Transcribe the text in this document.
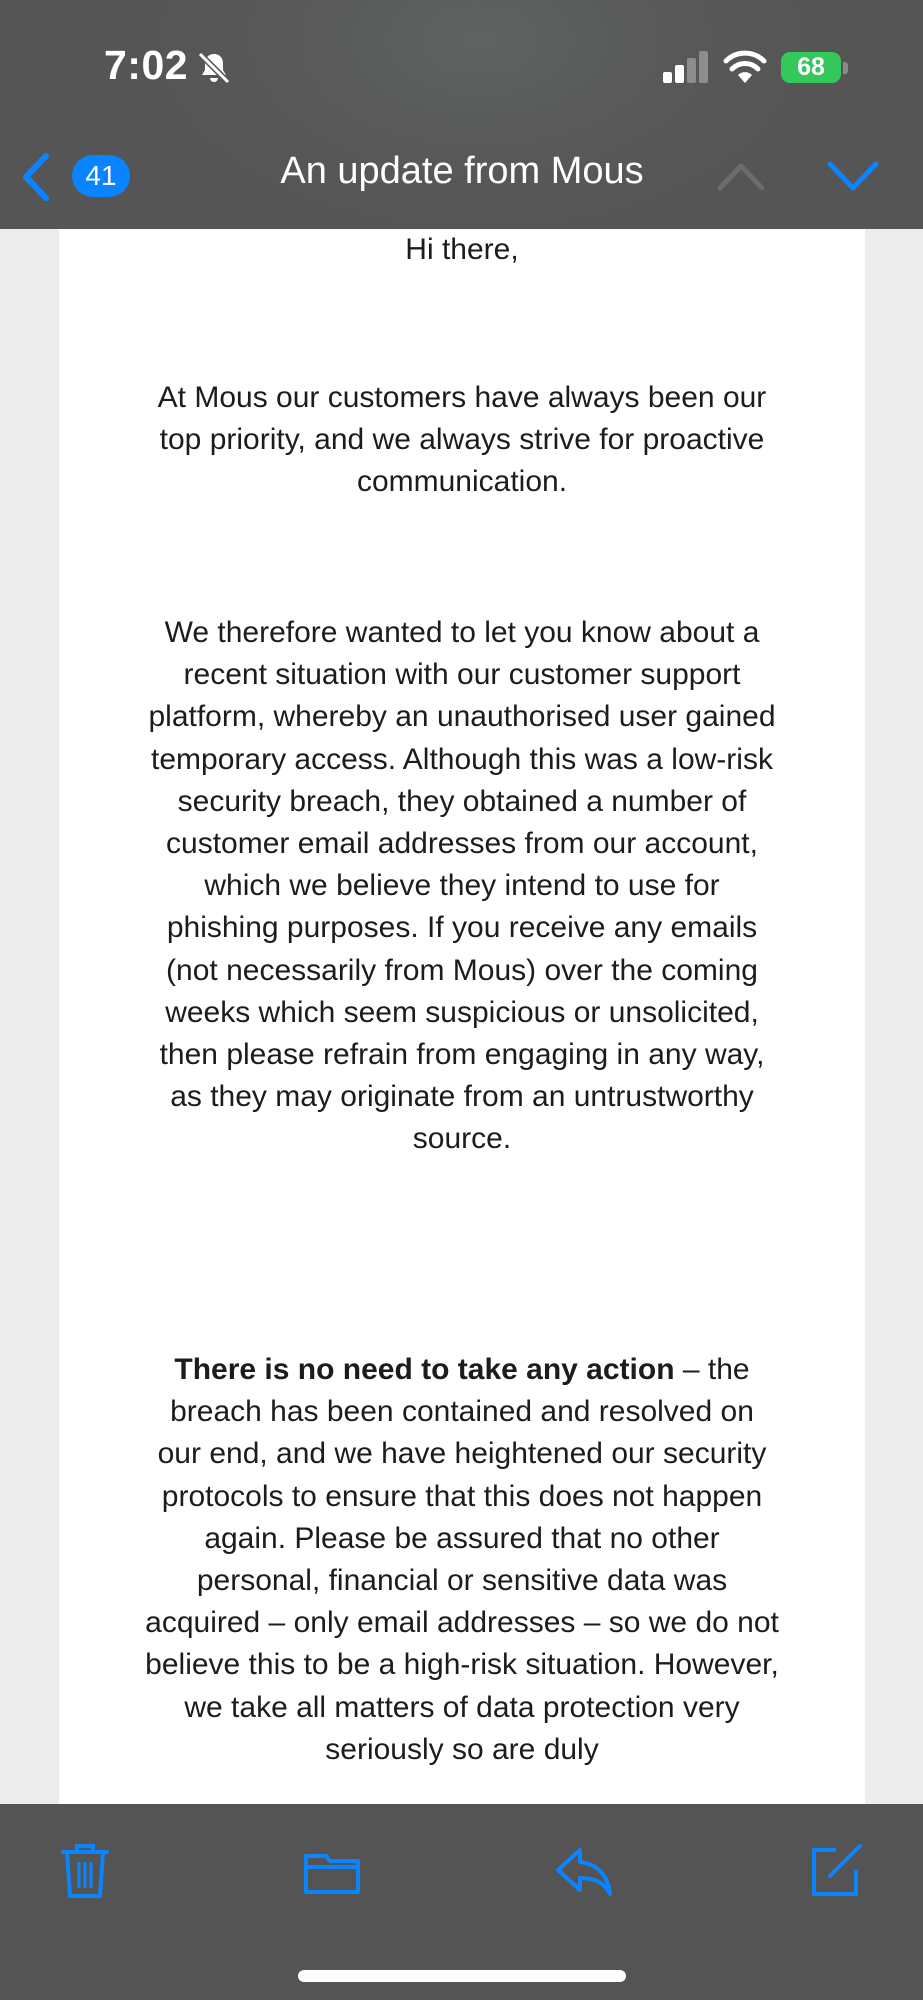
7:02	68
41	An update from Mous
Hi there,
At Mous our customers have always been our top priority, and we always strive for proactive communication.
We therefore wanted to let you know about a recent situation with our customer support platform, whereby an unauthorised user gained temporary access. Although this was a low-risk security breach, they obtained a number of customer email addresses from our account, which we believe they intend to use for phishing purposes. If you receive any emails (not necessarily from Mous) over the coming weeks which seem suspicious or unsolicited, then please refrain from engaging in any way, as they may originate from an untrustworthy source.
There is no need to take any action – the breach has been contained and resolved on our end, and we have heightened our security protocols to ensure that this does not happen again. Please be assured that no other personal, financial or sensitive data was acquired – only email addresses – so we do not believe this to be a high-risk situation. However, we take all matters of data protection very seriously so are duly
